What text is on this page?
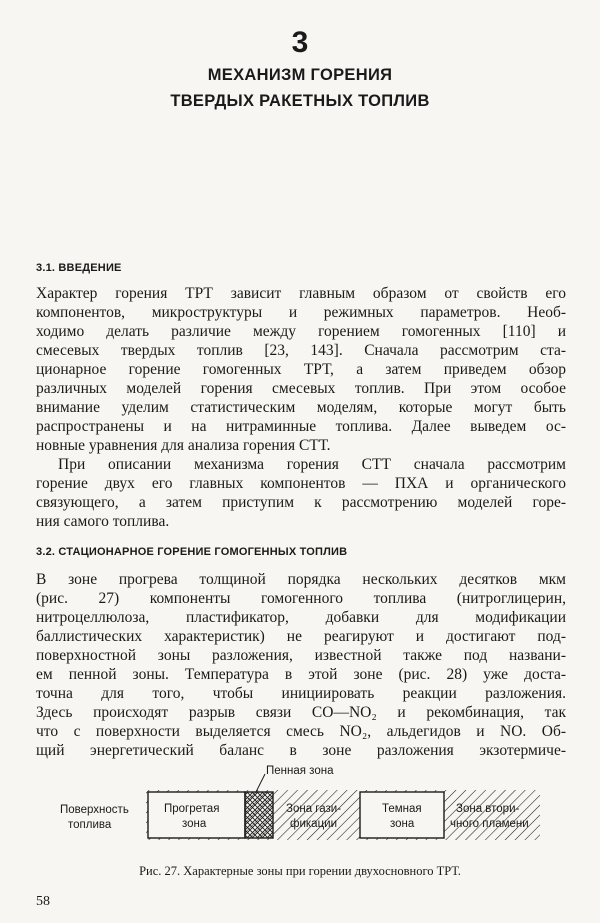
3
МЕХАНИЗМ ГОРЕНИЯ
ТВЕРДЫХ РАКЕТНЫХ ТОПЛИВ
3.1. ВВЕДЕНИЕ
Характер горения ТРТ зависит главным образом от свойств его
компонентов, микроструктуры и режимных параметров. Необ-
ходимо делать различие между горением гомогенных [110] и
смесевых твердых топлив [23, 143]. Сначала рассмотрим ста-
ционарное горение гомогенных ТРТ, а затем приведем обзор
различных моделей горения смесевых топлив. При этом особое
внимание уделим статистическим моделям, которые могут быть
распространены и на нитраминные топлива. Далее выведем ос-
новные уравнения для анализа горения СТТ.
При описании механизма горения СТТ сначала рассмотрим
горение двух его главных компонентов — ПХА и органического
связующего, а затем приступим к рассмотрению моделей горе-
ния самого топлива.
3.2. СТАЦИОНАРНОЕ ГОРЕНИЕ ГОМОГЕННЫХ ТОПЛИВ
В зоне прогрева толщиной порядка нескольких десятков мкм
(рис. 27) компоненты гомогенного топлива (нитроглицерин,
нитроцеллюлоза, пластификатор, добавки для модификации
баллистических характеристик) не реагируют и достигают под-
поверхностной зоны разложения, известной также под названи-
ем пенной зоны. Температура в этой зоне (рис. 28) уже доста-
точна для того, чтобы инициировать реакции разложения.
Здесь происходят разрыв связи CO—NO₂ и рекомбинация, так
что с поверхности выделяется смесь NO₂, альдегидов и NO. Об-
щий энергетический баланс в зоне разложения экзотермиче-
Пенная зона
Поверхность
топлива
Прогретая
зона
Зона гази-
фикации
Темная
зона
Зона втори-
чного пламени
Рис. 27. Характерные зоны при горении двухосновного ТРТ.
58
